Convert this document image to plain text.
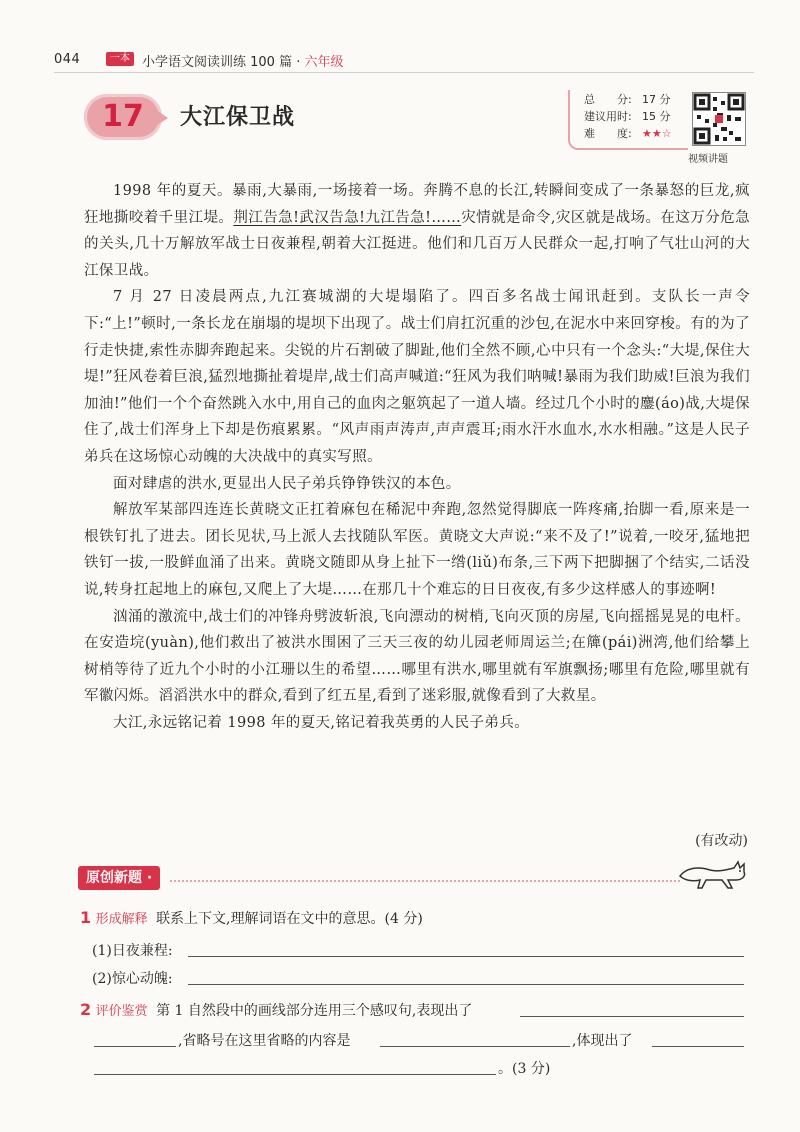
044	一本 小学语文阅读训练 100 篇 · 六年级
17	大江保卫战
总　　分: 17 分
建议用时: 15 分
难　　度: ★★☆
视频讲题

1998 年的夏天。暴雨,大暴雨,一场接着一场。奔腾不息的长江,转瞬间变成了一条暴怒的巨龙,疯狂地撕咬着千里江堤。荆江告急!武汉告急!九江告急!……灾情就是命令,灾区就是战场。在这万分危急的关头,几十万解放军战士日夜兼程,朝着大江挺进。他们和几百万人民群众一起,打响了气壮山河的大江保卫战。

7 月 27 日凌晨两点,九江赛城湖的大堤塌陷了。四百多名战士闻讯赶到。支队长一声令下:“上!”顿时,一条长龙在崩塌的堤坝下出现了。战士们肩扛沉重的沙包,在泥水中来回穿梭。有的为了行走快捷,索性赤脚奔跑起来。尖锐的片石割破了脚趾,他们全然不顾,心中只有一个念头:“大堤,保住大堤!”狂风卷着巨浪,猛烈地撕扯着堤岸,战士们高声喊道:“狂风为我们呐喊!暴雨为我们助威!巨浪为我们加油!”他们一个个奋然跳入水中,用自己的血肉之躯筑起了一道人墙。经过几个小时的鏖(áo)战,大堤保住了,战士们浑身上下却是伤痕累累。“风声雨声涛声,声声震耳;雨水汗水血水,水水相融。”这是人民子弟兵在这场惊心动魄的大决战中的真实写照。

面对肆虐的洪水,更显出人民子弟兵铮铮铁汉的本色。

解放军某部四连连长黄晓文正扛着麻包在稀泥中奔跑,忽然觉得脚底一阵疼痛,抬脚一看,原来是一根铁钉扎了进去。团长见状,马上派人去找随队军医。黄晓文大声说:“来不及了!”说着,一咬牙,猛地把铁钉一拔,一股鲜血涌了出来。黄晓文随即从身上扯下一绺(liǔ)布条,三下两下把脚捆了个结实,二话没说,转身扛起地上的麻包,又爬上了大堤……在那几十个难忘的日日夜夜,有多少这样感人的事迹啊!

汹涌的激流中,战士们的冲锋舟劈波斩浪,飞向漂动的树梢,飞向灭顶的房屋,飞向摇摇晃晃的电杆。在安造垸(yuàn),他们救出了被洪水围困了三天三夜的幼儿园老师周运兰;在簰(pái)洲湾,他们给攀上树梢等待了近九个小时的小江珊以生的希望……哪里有洪水,哪里就有军旗飘扬;哪里有危险,哪里就有军徽闪烁。滔滔洪水中的群众,看到了红五星,看到了迷彩服,就像看到了大救星。

大江,永远铭记着 1998 年的夏天,铭记着我英勇的人民子弟兵。

(有改动)
原创新题 ·
1 形成解释 联系上下文,理解词语在文中的意思。(4 分)
(1)日夜兼程:
(2)惊心动魄:
2 评价鉴赏 第 1 自然段中的画线部分连用三个感叹句,表现出了
,省略号在这里省略的内容是	,体现出了
。(3 分)
